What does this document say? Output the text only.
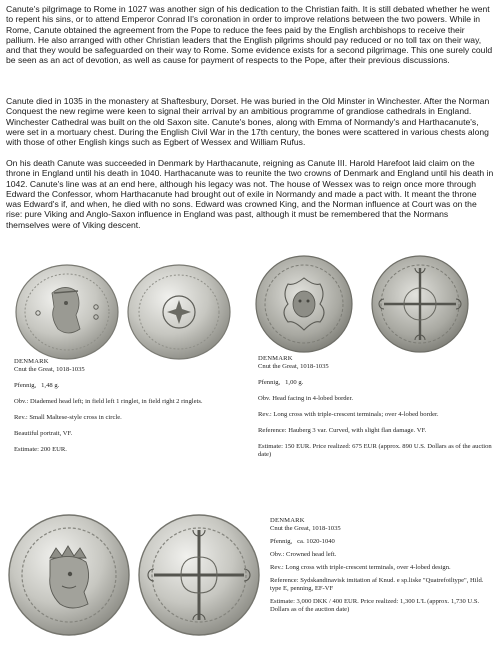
Canute's pilgrimage to Rome in 1027 was another sign of his dedication to the Christian faith. It is still debated whether he went to repent his sins, or to attend Emperor Conrad II's coronation in order to improve relations between the two powers. While in Rome, Canute obtained the agreement from the Pope to reduce the fees paid by the English archbishops to receive their pallium. He also arranged with other Christian leaders that the English pilgrims should pay reduced or no toll tax on their way, and that they would be safeguarded on their way to Rome. Some evidence exists for a second pilgrimage. This one surely could be seen as an act of devotion, as well as cause for payment of respects to the Pope, after their previous discussions.

Canute died in 1035 in the monastery at Shaftesbury, Dorset. He was buried in the Old Minster in Winchester. After the Norman Conquest the new regime were keen to signal their arrival by an ambitious programme of grandiose cathedrals in England. Winchester Cathedral was built on the old Saxon site. Canute's bones, along with Emma of Normandy's and Harthacanute's, were set in a mortuary chest. During the English Civil War in the 17th century, the bones were scattered in various chests along with those of other English kings such as Egbert of Wessex and William Rufus.

On his death Canute was succeeded in Denmark by Harthacanute, reigning as Canute III. Harold Harefoot laid claim on the throne in England until his death in 1040. Harthacanute was to reunite the two crowns of Denmark and England until his death in 1042. Canute's line was at an end here, although his legacy was not. The house of Wessex was to reign once more through Edward the Confessor, whom Harthacanute had brought out of exile in Normandy and made a pact with. It meant the throne was Edward's if, and when, he died with no sons. Edward was crowned King, and the Norman influence at Court was on the rise: pure Viking and Anglo-Saxon influence in England was past, although it must be remembered that the Normans themselves were of Viking descent.

DENMARK
Cnut the Great, 1018-1035
Pfennig, 1,48 g.
Obv.: Diademed head left; in field left 1 ringlet, in field right 2 ringlets.
Rev.: Small Maltese-style cross in circle.
Beautiful portrait, VF.
Estimate: 200 EUR.
DENMARK
Cnut the Great, 1018-1035
Pfennig, 1,00 g.
Obv. Head facing in 4-lobed border.
Rev.: Long cross with triple-crescent terminals; over 4-lobed border.
Reference: Hauberg 3 var. Curved, with slight flan damage. VF.
Estimate: 150 EUR. Price realized: 675 EUR (approx. 890 U.S. Dollars as of the auction date)
DENMARK
Cnut the Great, 1018-1035
Pfennig, ca. 1020-1040
Obv.: Crowned head left.
Rev.: Long cross with triple-crescent terminals, over 4-lobed design.
Reference: Sydskandinavisk imitation af Knud. e sp.liske "Quatrefoiltype", Hild. type E, penning, EF-VF
Estimate: 3,000 DKK / 400 EUR. Price realized: 1,300 L'L (approx. 1,730 U.S. Dollars as of the auction date)
